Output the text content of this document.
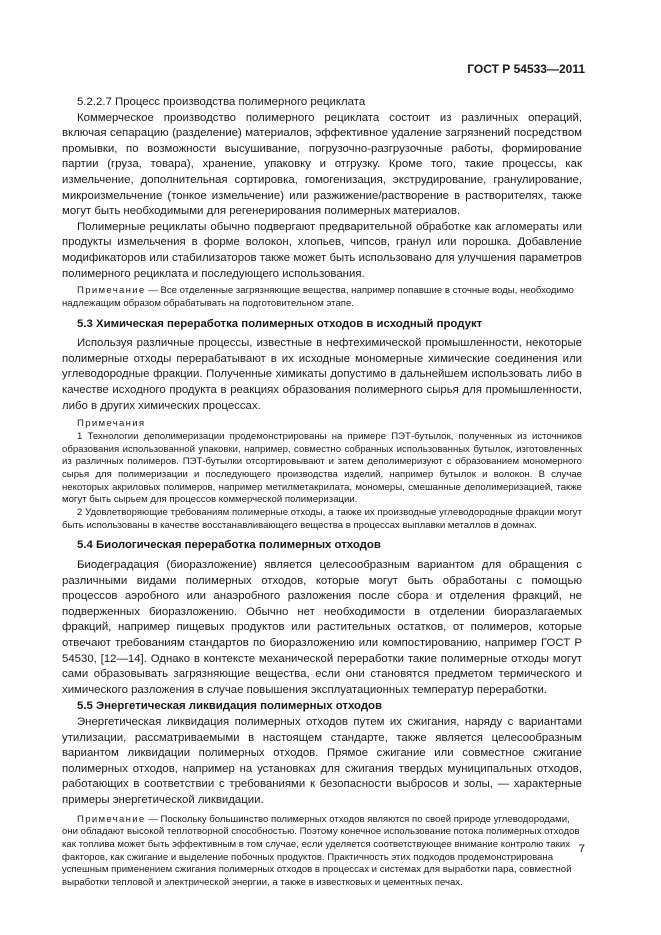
ГОСТ Р 54533—2011

5.2.2.7 Процесс производства полимерного рециклата

Коммерческое производство полимерного рециклата состоит из различных операций, включая сепарацию (разделение) материалов, эффективное удаление загрязнений посредством промывки, по возможности высушивание, погрузочно-разгрузочные работы, формирование партии (груза, товара), хранение, упаковку и отгрузку. Кроме того, такие процессы, как измельчение, дополнительная сортировка, гомогенизация, экструдирование, гранулирование, микроизмельчение (тонкое измельчение) или разжижение/растворение в растворителях, также могут быть необходимыми для регенерирования полимерных материалов.

Полимерные рециклаты обычно подвергают предварительной обработке как агломераты или продукты измельчения в форме волокон, хлопьев, чипсов, гранул или порошка. Добавление модификаторов или стабилизаторов также может быть использовано для улучшения параметров полимерного рециклата и последующего использования.

Примечание — Все отделенные загрязняющие вещества, например попавшие в сточные воды, необходимо надлежащим образом обрабатывать на подготовительном этапе.
5.3 Химическая переработка полимерных отходов в исходный продукт

Используя различные процессы, известные в нефтехимической промышленности, некоторые полимерные отходы перерабатывают в их исходные мономерные химические соединения или углеводородные фракции. Полученные химикаты допустимо в дальнейшем использовать либо в качестве исходного продукта в реакциях образования полимерного сырья для промышленности, либо в других химических процессах.

Примечания

1 Технологии деполимеризации продемонстрированы на примере ПЭТ-бутылок, полученных из источников образования использованной упаковки, например, совместно собранных использованных бутылок, изготовленных из различных полимеров. ПЭТ-бутылки отсортировывают и затем деполимеризуют с образованием мономерного сырья для полимеризации и последующего производства изделий, например бутылок и волокон. В случае некоторых акриловых полимеров, например метилметакрилата, мономеры, смешанные деполимеризацией, также могут быть сырьем для процессов коммерческой полимеризации.

2 Удовлетворяющие требованиям полимерные отходы, а также их производные углеводородные фракции могут быть использованы в качестве восстанавливающего вещества в процессах выплавки металлов в домнах.

5.4 Биологическая переработка полимерных отходов

Биодеградация (биоразложение) является целесообразным вариантом для обращения с различными видами полимерных отходов, которые могут быть обработаны с помощью процессов аэробного или анаэробного разложения после сбора и отделения фракций, не подверженных биоразложению. Обычно нет необходимости в отделении биоразлагаемых фракций, например пищевых продуктов или растительных остатков, от полимеров, которые отвечают требованиям стандартов по биоразложению или компостированию, например ГОСТ Р 54530, [12—14]. Однако в контексте механической переработки такие полимерные отходы могут сами образовывать загрязняющие вещества, если они становятся предметом термического и химического разложения в случае повышения эксплуатационных температур переработки.

5.5 Энергетическая ликвидация полимерных отходов

Энергетическая ликвидация полимерных отходов путем их сжигания, наряду с вариантами утилизации, рассматриваемыми в настоящем стандарте, также является целесообразным вариантом ликвидации полимерных отходов. Прямое сжигание или совместное сжигание полимерных отходов, например на установках для сжигания твердых муниципальных отходов, работающих в соответствии с требованиями к безопасности выбросов и золы, — характерные примеры энергетической ликвидации.

Примечание — Поскольку большинство полимерных отходов являются по своей природе углеводородами, они обладают высокой теплотворной способностью. Поэтому конечное использование потока полимерных отходов как топлива может быть эффективным в том случае, если уделяется соответствующее внимание контролю таких факторов, как сжигание и выделение побочных продуктов. Практичность этих подходов продемонстрирована успешным применением сжигания полимерных отходов в процессах и системах для выработки пара, совместной выработки тепловой и электрической энергии, а также в известковых и цементных печах.
7
